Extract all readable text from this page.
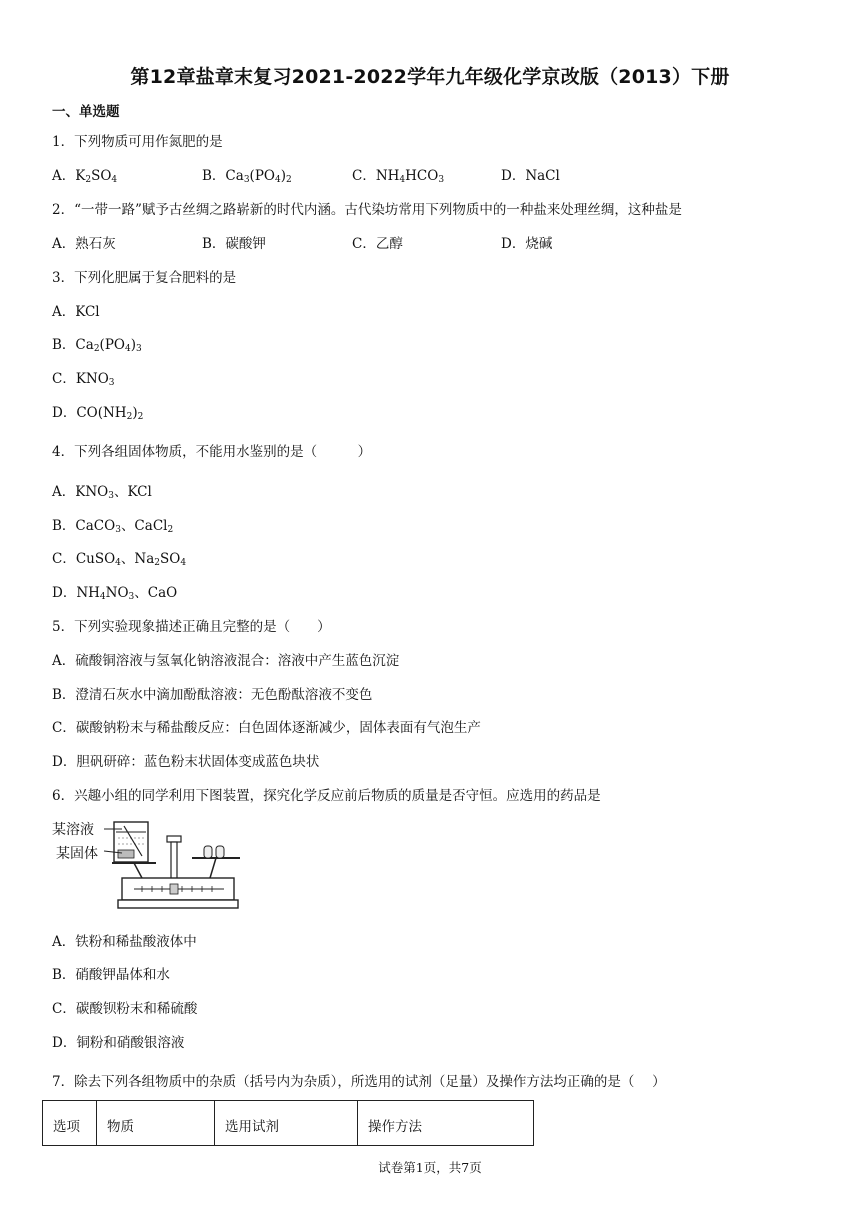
第12章盐章末复习2021-2022学年九年级化学京改版（2013）下册
一、单选题
1．下列物质可用作氮肥的是
A．$K_2SO_4$	B．$Ca_3(PO_4)_2$	C．$NH_4HCO_3$	D．NaCl
2．“一带一路”赋予古丝绸之路崭新的时代内涵。古代染坊常用下列物质中的一种盐来处理丝绸，这种盐是
A．熟石灰	B．碳酸钾	C．乙醇	D．烧碱
3．下列化肥属于复合肥料的是
A．KCl
B．$Ca_2(PO_4)_3$
C．$KNO_3$
D．$CO(NH_2)_2$
4．下列各组固体物质，不能用水鉴别的是（　　　）
A．$KNO_3$、KCl
B．CaCO$_3$、CaCl$_2$
C．CuSO$_4$、$Na_2SO_4$
D．$NH_4NO_3$、CaO
5．下列实验现象描述正确且完整的是（　　）
A．硫酸铜溶液与氢氧化钠溶液混合：溶液中产生蓝色沉淀
B．澄清石灰水中滴加酚酞溶液：无色酚酞溶液不变色
C．碳酸钠粉末与稀盐酸反应：白色固体逐渐减少，固体表面有气泡生产
D．胆矾研碎：蓝色粉末状固体变成蓝色块状
6．兴趣小组的同学利用下图装置，探究化学反应前后物质的质量是否守恒。应选用的药品是
某溶液
某固体
A．铁粉和稀盐酸液体中
B．硝酸钾晶体和水
C．碳酸钡粉末和稀硫酸
D．铜粉和硝酸银溶液
7．除去下列各组物质中的杂质（括号内为杂质），所选用的试剂（足量）及操作方法均正确的是（　 ）
选项	物质	选用试剂	操作方法
试卷第1页，共7页
